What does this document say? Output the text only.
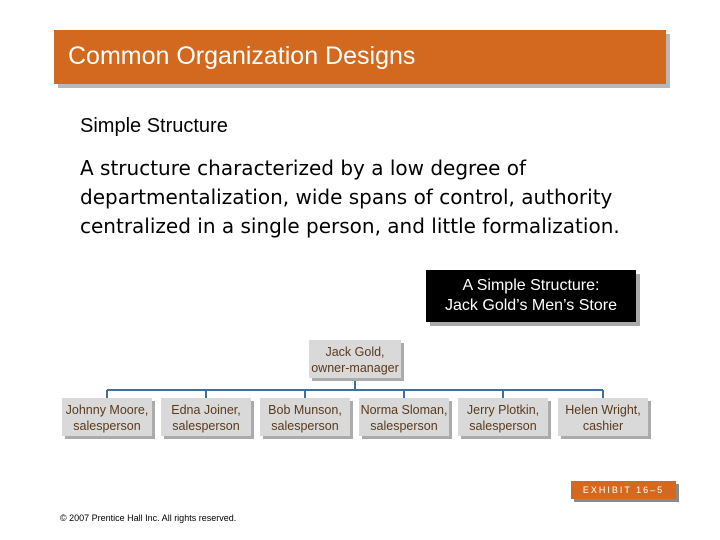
Common Organization Designs
Simple Structure
A structure characterized by a low degree of departmentalization, wide spans of control, authority centralized in a single person, and little formalization.
A Simple Structure:
Jack Gold’s Men’s Store
Jack Gold,
owner-manager
Johnny Moore,
salesperson
Edna Joiner,
salesperson
Bob Munson,
salesperson
Norma Sloman,
salesperson
Jerry Plotkin,
salesperson
Helen Wright,
cashier
EXHIBIT 16–5
© 2007 Prentice Hall Inc. All rights reserved.
